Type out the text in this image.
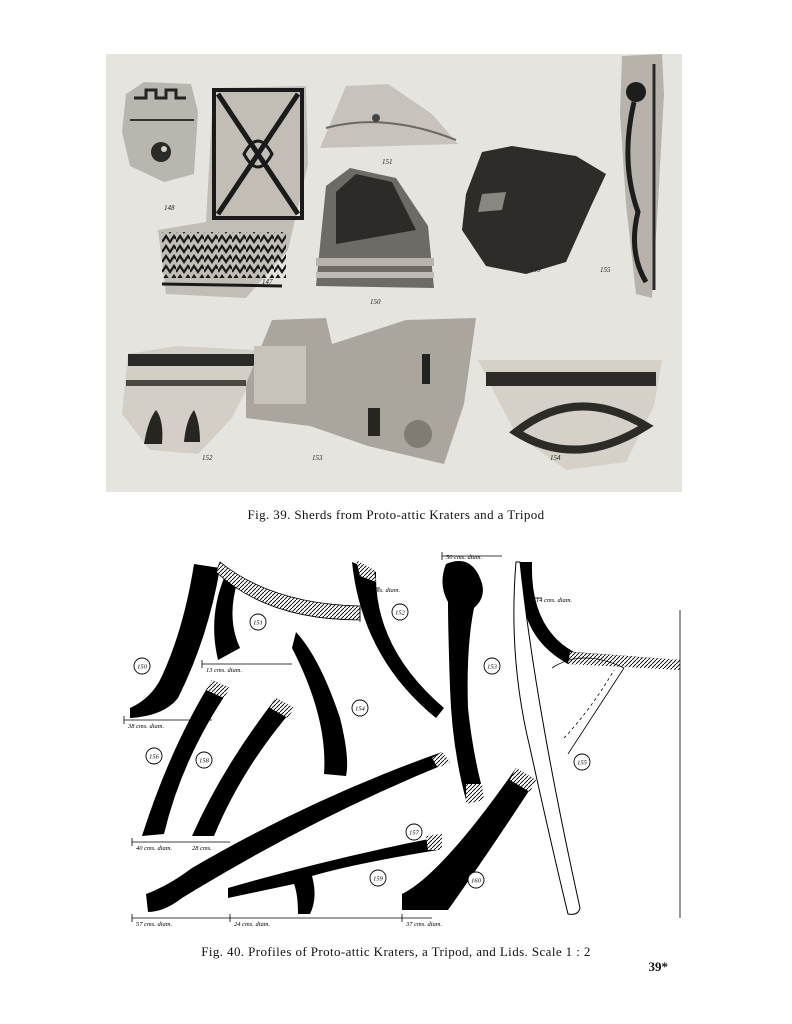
148
147
151
150
149	155
152	153	154
Fig. 39. Sherds from Proto-attic Kraters and a Tripod
50 cms. diam.
28 cms. diam.
14 cms. diam.
13 cms. diam.
38 cms. diam.
40 cms. diam.	28 cms.
57 cms. diam.	24 cms. diam.	37 cms. diam.
150
151
152
153
154
155
156
157
158
159	160
Fig. 40. Profiles of Proto-attic Kraters, a Tripod, and Lids. Scale 1 : 2
39*
